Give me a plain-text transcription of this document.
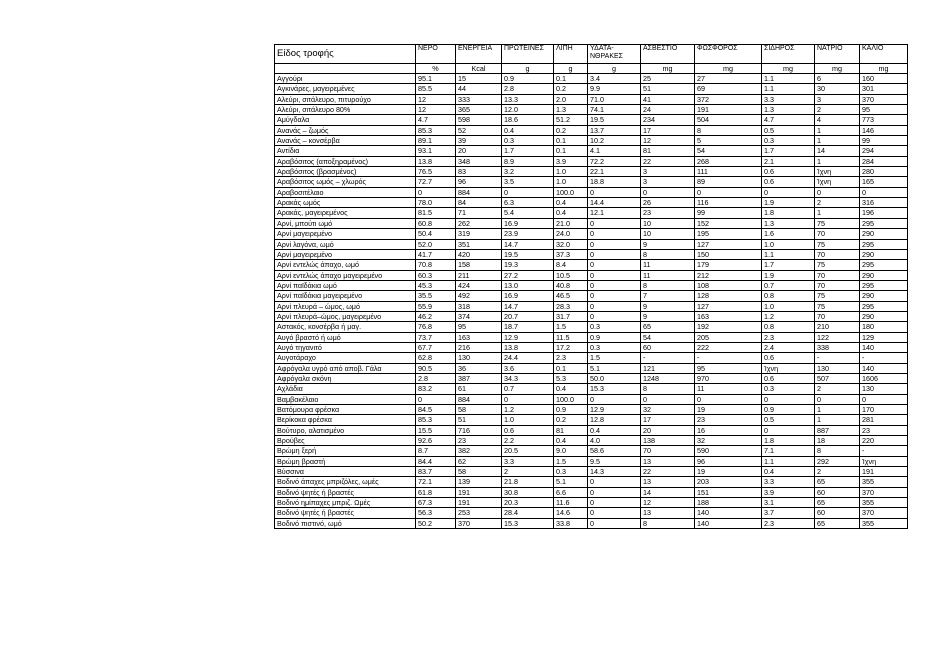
Είδος τροφής	ΝΕΡΟ	ΕΝΕΡΓΕΙΑ	ΠΡΩΤΕΪΝΕΣ	ΛΙΠΗ	ΥΔΑΤΑ-
ΝΘΡΑΚΕΣ	ΑΣΒΕΣΤΙΟ	ΦΩΣΦΟΡΟΣ	ΣΙΔΗΡΟΣ	ΝΑΤΡΙΟ	ΚΑΛΙΟ
	%	Kcal	g	g	g	mg	mg	mg	mg	mg
Αγγούρι	95.1	15	0.9	0.1	3.4	25	27	1.1	6	160
Αγκινάρες, μαγειρεμένες	85.5	44	2.8	0.2	9.9	51	69	1.1	30	301
Αλεύρι, σιτάλευρο, πιτυρούχο	12	333	13.3	2.0	71.0	41	372	3.3	3	370
Αλεύρι, σιτάλευρο 80%	12	365	12.0	1.3	74.1	24	191	1.3	2	95
Αμύγδαλα	4.7	598	18.6	51.2	19.5	234	504	4.7	4	773
Ανανάς – ζωμός	85.3	52	0.4	0.2	13.7	17	8	0.5	1	146
Ανανάς – κονσέρβα	89.1	39	0.3	0.1	10.2	12	5	0.3	1	99
Αντίδια	93.1	20	1.7	0.1	4.1	81	54	1.7	14	294
Αραβόσιτος (αποξηραμένος)	13.8	348	8.9	3.9	72.2	22	268	2.1	1	284
Αραβόσιτος (βρασμένος)	76.5	83	3.2	1.0	22.1	3	111	0.6	Ίχνη	280
Αραβόσιτος ωμός – χλωρός	72.7	96	3.5	1.0	18.8	3	89	0.6	Ίχνη	165
Αραβοσιτέλαιο	0	884	0	100.0	0	0	0	0	0	0
Αρακάς ωμός	78.0	84	6.3	0.4	14.4	26	116	1.9	2	316
Αρακάς, μαγειρεμένος	81.5	71	5.4	0.4	12.1	23	99	1.8	1	196
Αρνί, μπούτι ωμό	60.8	262	16.9	21.0	0	10	152	1.3	75	295
Αρνί μαγειρεμένο	50.4	319	23.9	24.0	0	10	195	1.6	70	290
Αρνί λαγόνα, ωμό	52.0	351	14.7	32.0	0	9	127	1.0	75	295
Αρνί μαγειρεμένο	41.7	420	19.5	37.3	0	8	150	1.1	70	290
Αρνί εντελώς άπαχο, ωμό	70.8	158	19.3	8.4	0	11	179	1.7	75	295
Αρνί εντελώς άπαχο μαγειρεμένο	60.3	211	27.2	10.5	0	11	212	1.9	70	290
Αρνί παϊδάκια ωμό	45.3	424	13.0	40.8	0	8	108	0.7	70	295
Αρνί παϊδάκια μαγειρεμένο	35.5	492	16.9	46.5	0	7	128	0.8	75	290
Αρνί πλευρά – ώμος, ωμό	55.9	318	14.7	28.3	0	9	127	1.0	75	295
Αρνί πλευρά–ώμος, μαγειρεμένο	46.2	374	20.7	31.7	0	9	163	1.2	70	290
Αστακός, κονσέρβα ή μαγ.	76.8	95	18.7	1.5	0.3	65	192	0.8	210	180
Αυγό βραστό ή ωμό	73.7	163	12.9	11.5	0.9	54	205	2.3	122	129
Αυγό τηγανιτό	67.7	216	13.8	17.2	0.3	60	222	2.4	338	140
Αυγοτάραχο	62.8	130	24.4	2.3	1.5	-	-	0.6	-	-
Αφρόγαλα υγρό από αποβ. Γάλα	90.5	36	3.6	0.1	5.1	121	95	Ίχνη	130	140
Αφρόγαλα σκόνη	2.8	387	34.3	5.3	50.0	1248	970	0.6	507	1606
Αχλάδια	83.2	61	0.7	0.4	15.3	8	11	0.3	2	130
Βαμβακέλαιο	0	884	0	100.0	0	0	0	0	0	0
Βατόμουρα φρέσκα	84.5	58	1.2	0.9	12.9	32	19	0.9	1	170
Βερίκοκα φρέσκα	85.3	51	1.0	0.2	12.8	17	23	0.5	1	281
Βούτυρο, αλατισμένο	15.5	716	0.6	81	0.4	20	16	0	887	23
Βρούβες	92.6	23	2.2	0.4	4.0	138	32	1.8	18	220
Βρώμη ξερή	8.7	382	20.5	9.0	58.6	70	590	7.1	8	-
Βρώμη βραστή	84.4	62	3.3	1.5	9.5	13	96	1.1	292	Ίχνη
Βύσσινα	83.7	58	2	0.3	14.3	22	19	0.4	2	191
Βοδινό άπαχες μπριζόλες, ωμές	72.1	139	21.8	5.1	0	13	203	3.3	65	355
Βοδινό ψητές ή βραστές	61.8	191	30.8	6.6	0	14	151	3.9	60	370
Βοδινό ημίπαχες μπριζ. Ωμές	67.3	191	20.3	11.6	0	12	188	3.1	65	355
Βοδινό ψητές ή βραστές	56.3	253	28.4	14.6	0	13	140	3.7	60	370
Βοδινό πιστινό, ωμό	50.2	370	15.3	33.8	0	8	140	2.3	65	355
